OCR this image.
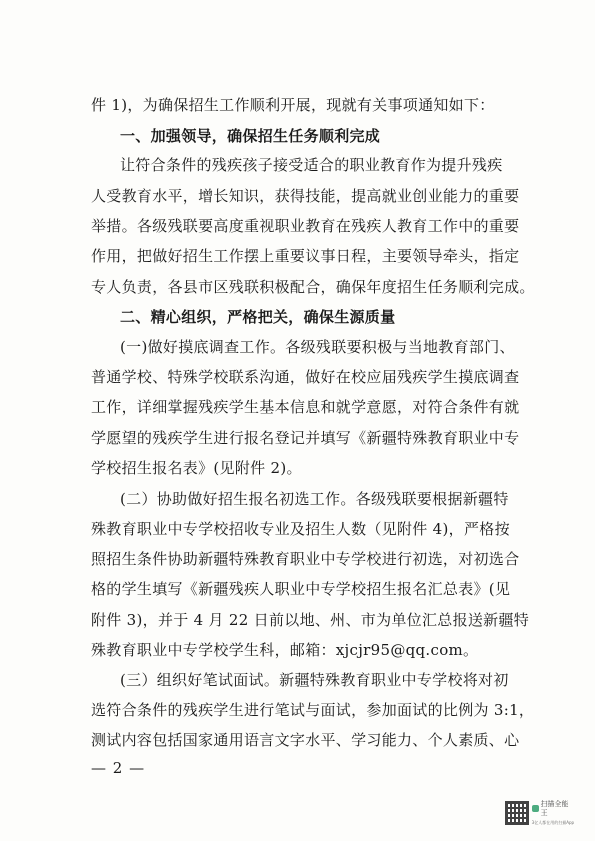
件 1)，为确保招生工作顺利开展，现就有关事项通知如下：
一、加强领导，确保招生任务顺利完成
让符合条件的残疾孩子接受适合的职业教育作为提升残疾
人受教育水平，增长知识，获得技能，提高就业创业能力的重要
举措。各级残联要高度重视职业教育在残疾人教育工作中的重要
作用，把做好招生工作摆上重要议事日程，主要领导牵头，指定
专人负责，各县市区残联积极配合，确保年度招生任务顺利完成。
二、精心组织，严格把关，确保生源质量
(一)做好摸底调查工作。各级残联要积极与当地教育部门、
普通学校、特殊学校联系沟通，做好在校应届残疾学生摸底调查
工作，详细掌握残疾学生基本信息和就学意愿，对符合条件有就
学愿望的残疾学生进行报名登记并填写《新疆特殊教育职业中专
学校招生报名表》(见附件 2)。
(二）协助做好招生报名初选工作。各级残联要根据新疆特
殊教育职业中专学校招收专业及招生人数（见附件 4)，严格按
照招生条件协助新疆特殊教育职业中专学校进行初选，对初选合
格的学生填写《新疆残疾人职业中专学校招生报名汇总表》(见
附件 3)，并于 4 月 22 日前以地、州、市为单位汇总报送新疆特
殊教育职业中专学校学生科，邮箱：xjcjr95@qq.com。
(三）组织好笔试面试。新疆特殊教育职业中专学校将对初
选符合条件的残疾学生进行笔试与面试，参加面试的比例为 3:1，
测试内容包括国家通用语言文字水平、学习能力、个人素质、心
— 2 —
扫描全能王
3亿人都在用的扫描App
